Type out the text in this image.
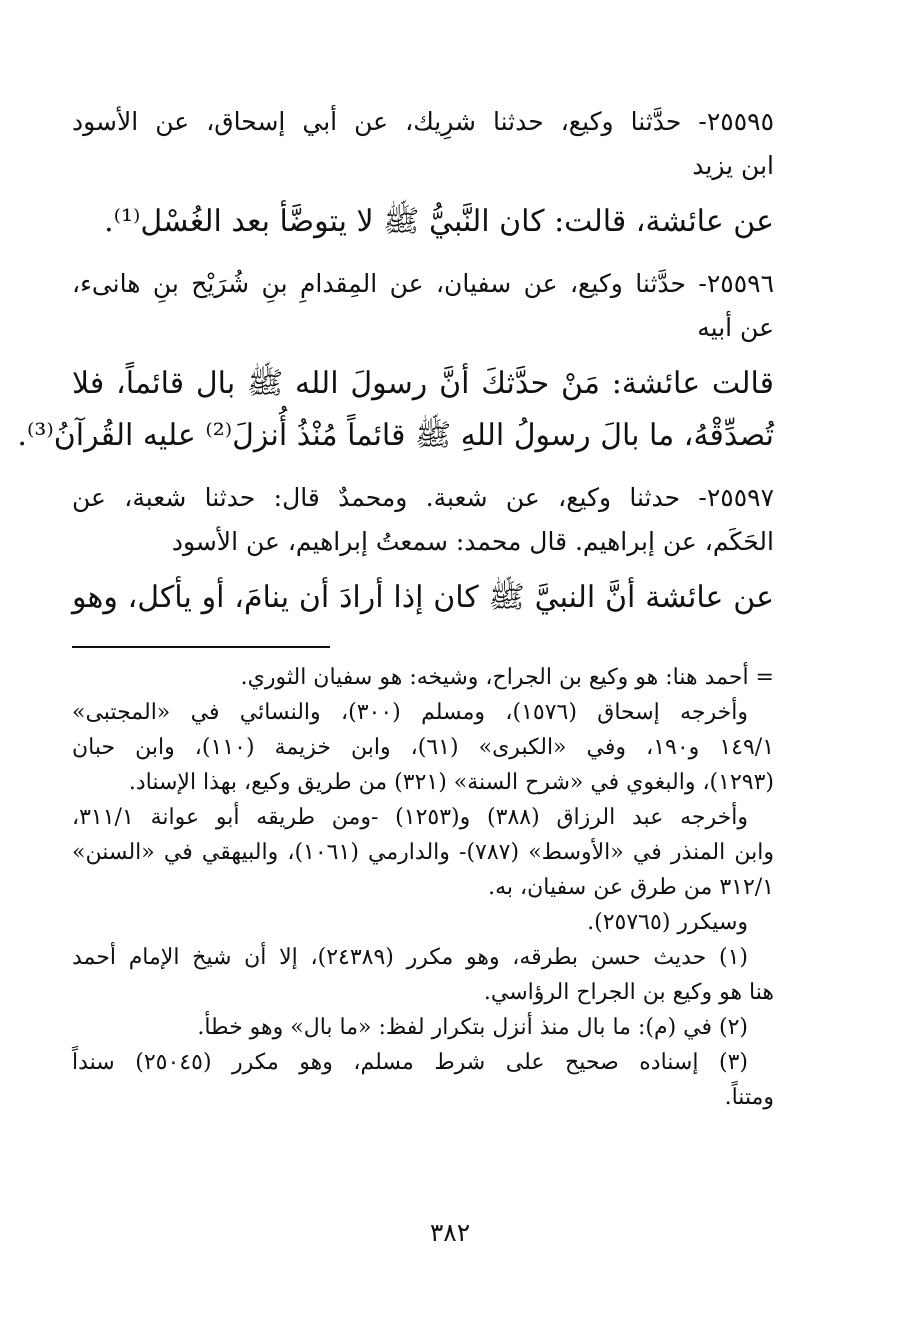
٢٥٥٩٥- حدَّثنا وكيع، حدثنا شرِيك، عن أبي إسحاق، عن الأسود
ابن يزيد
عن عائشة، قالت: كان النَّبيُّ ﷺ لا يتوضَّأ بعد الغُسْل⁽¹⁾.
٢٥٥٩٦- حدَّثنا وكيع، عن سفيان، عن المِقدامِ بنِ شُرَيْح بنِ هانىء،
عن أبيه
قالت عائشة: مَنْ حدَّثكَ أنَّ رسولَ الله ﷺ بال قائماً، فلا
تُصدِّقْهُ، ما بالَ رسولُ اللهِ ﷺ قائماً مُنْذُ أُنزلَ⁽²⁾ عليه القُرآنُ⁽³⁾.
٢٥٥٩٧- حدثنا وكيع، عن شعبة. ومحمدٌ قال: حدثنا شعبة، عن
الحَكَم، عن إبراهيم. قال محمد: سمعتُ إبراهيم، عن الأسود
عن عائشة أنَّ النبيَّ ﷺ كان إذا أرادَ أن ينامَ، أو يأكل، وهو
= أحمد هنا: هو وكيع بن الجراح، وشيخه: هو سفيان الثوري.
وأخرجه إسحاق (١٥٧٦)، ومسلم (٣٠٠)، والنسائي في «المجتبى»
١٤٩/١ و١٩٠، وفي «الكبرى» (٦١)، وابن خزيمة (١١٠)، وابن حبان
(١٢٩٣)، والبغوي في «شرح السنة» (٣٢١) من طريق وكيع، بهذا الإسناد.
وأخرجه عبد الرزاق (٣٨٨) و(١٢٥٣) -ومن طريقه أبو عوانة ٣١١/١،
وابن المنذر في «الأوسط» (٧٨٧)- والدارمي (١٠٦١)، والبيهقي في «السنن»
٣١٢/١ من طرق عن سفيان، به.
وسيكرر (٢٥٧٦٥).
(١) حديث حسن بطرقه، وهو مكرر (٢٤٣٨٩)، إلا أن شيخ الإمام أحمد
هنا هو وكيع بن الجراح الرؤاسي.
(٢) في (م): ما بال منذ أنزل بتكرار لفظ: «ما بال» وهو خطأ.
(٣) إسناده صحيح على شرط مسلم، وهو مكرر (٢٥٠٤٥) سنداً
ومتناً.
٣٨٢
